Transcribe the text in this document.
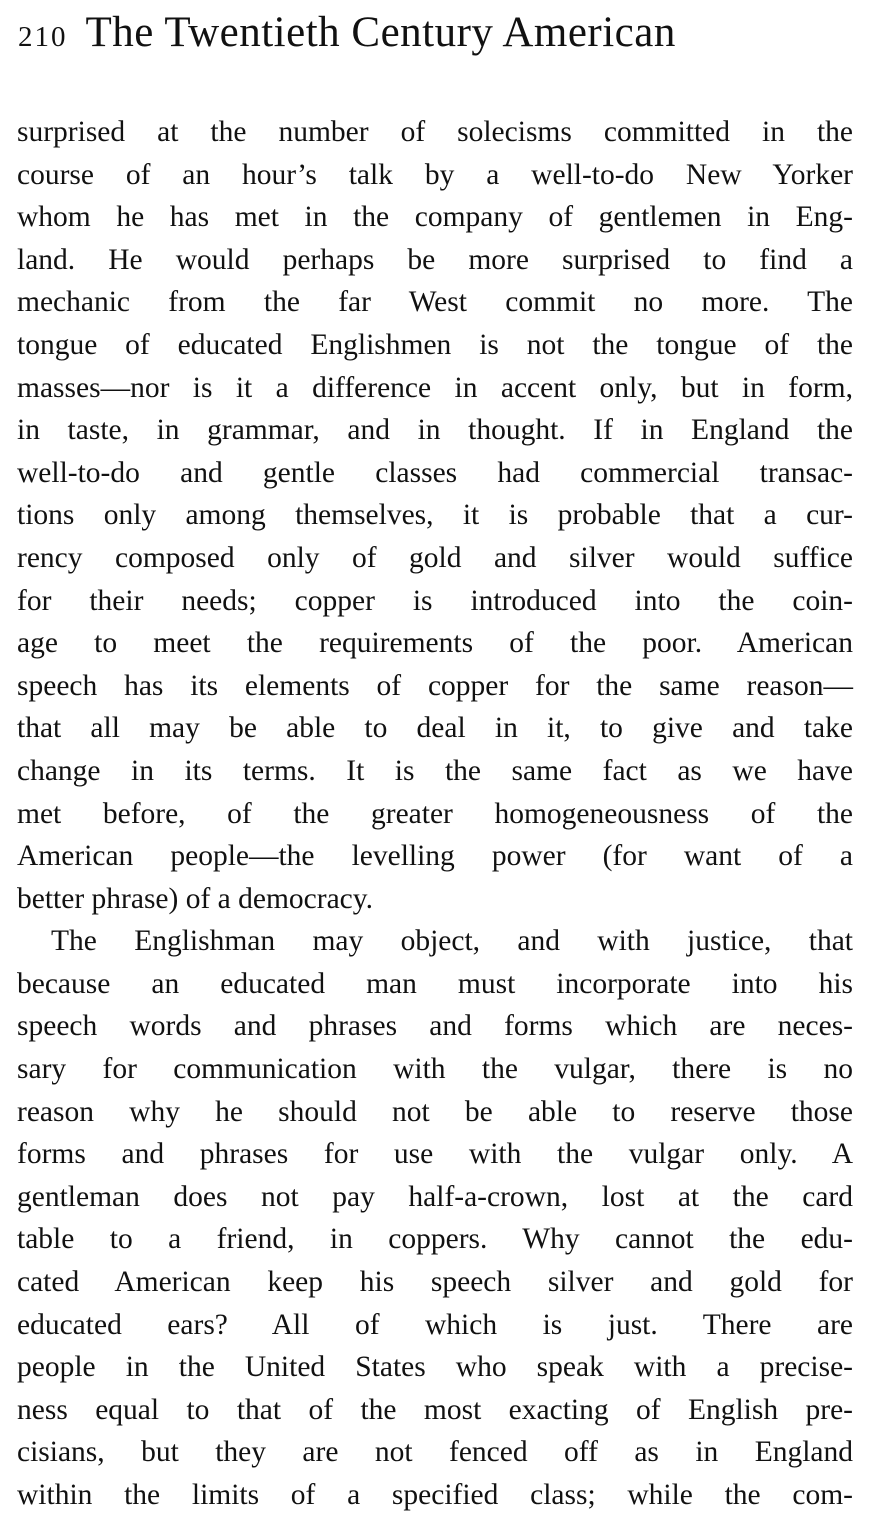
210 The Twentieth Century American
surprised at the number of solecisms committed in the
course of an hour’s talk by a well-to-do New Yorker
whom he has met in the company of gentlemen in Eng-
land. He would perhaps be more surprised to find a
mechanic from the far West commit no more. The
tongue of educated Englishmen is not the tongue of the
masses—nor is it a difference in accent only, but in form,
in taste, in grammar, and in thought. If in England the
well-to-do and gentle classes had commercial transac-
tions only among themselves, it is probable that a cur-
rency composed only of gold and silver would suffice
for their needs; copper is introduced into the coin-
age to meet the requirements of the poor. American
speech has its elements of copper for the same reason—
that all may be able to deal in it, to give and take
change in its terms. It is the same fact as we have
met before, of the greater homogeneousness of the
American people—the levelling power (for want of a
better phrase) of a democracy.
The Englishman may object, and with justice, that
because an educated man must incorporate into his
speech words and phrases and forms which are neces-
sary for communication with the vulgar, there is no
reason why he should not be able to reserve those
forms and phrases for use with the vulgar only. A
gentleman does not pay half-a-crown, lost at the card
table to a friend, in coppers. Why cannot the edu-
cated American keep his speech silver and gold for
educated ears? All of which is just. There are
people in the United States who speak with a precise-
ness equal to that of the most exacting of English pre-
cisians, but they are not fenced off as in England
within the limits of a specified class; while the com-
